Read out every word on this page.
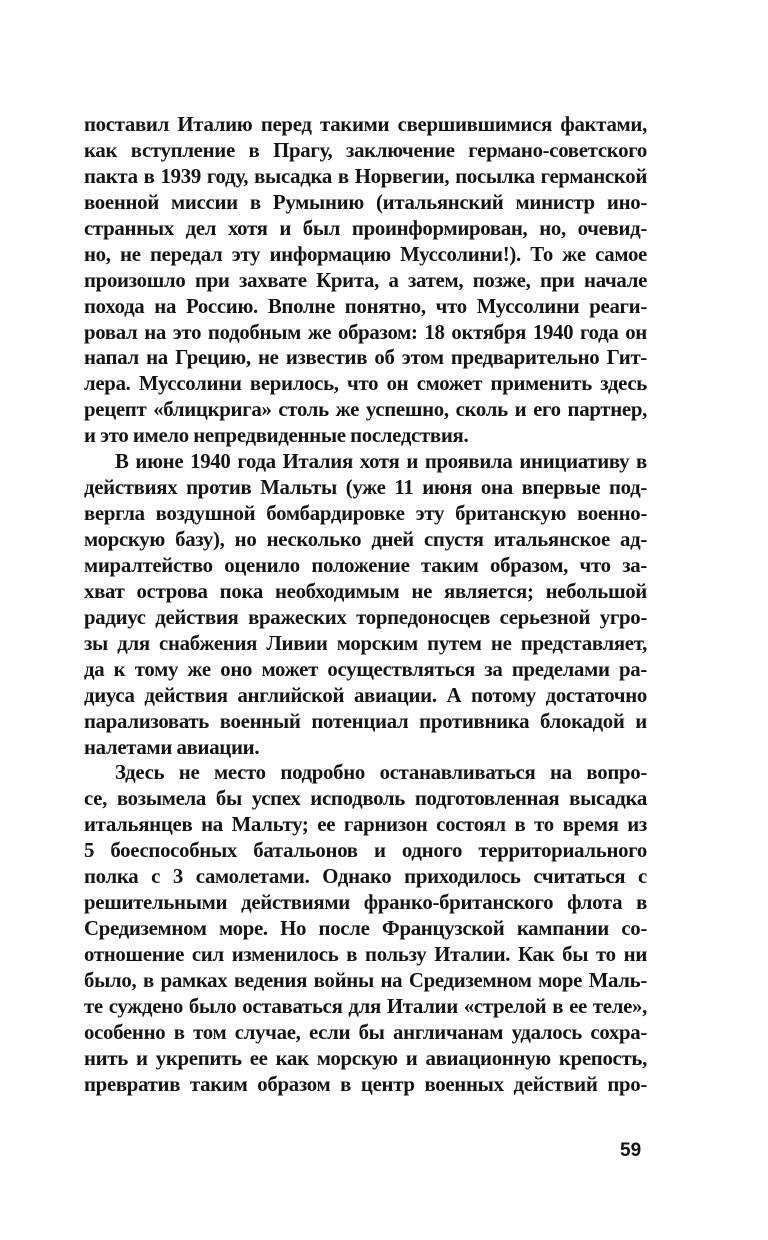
поставил Италию перед такими свершившимися фактами,
как вступление в Прагу, заключение германо-советского
пакта в 1939 году, высадка в Норвегии, посылка германской
военной миссии в Румынию (итальянский министр ино-
странных дел хотя и был проинформирован, но, очевид-
но, не передал эту информацию Муссолини!). То же самое
произошло при захвате Крита, а затем, позже, при начале
похода на Россию. Вполне понятно, что Муссолини реаги-
ровал на это подобным же образом: 18 октября 1940 года он
напал на Грецию, не известив об этом предварительно Гит-
лера. Муссолини верилось, что он сможет применить здесь
рецепт «блицкрига» столь же успешно, сколь и его партнер,
и это имело непредвиденные последствия.
В июне 1940 года Италия хотя и проявила инициативу в
действиях против Мальты (уже 11 июня она впервые под-
вергла воздушной бомбардировке эту британскую военно-
морскую базу), но несколько дней спустя итальянское ад-
миралтейство оценило положение таким образом, что за-
хват острова пока необходимым не является; небольшой
радиус действия вражеских торпедоносцев серьезной угро-
зы для снабжения Ливии морским путем не представляет,
да к тому же оно может осуществляться за пределами ра-
диуса действия английской авиации. А потому достаточно
парализовать военный потенциал противника блокадой и
налетами авиации.
Здесь не место подробно останавливаться на вопро-
се, возымела бы успех исподволь подготовленная высадка
итальянцев на Мальту; ее гарнизон состоял в то время из
5 боеспособных батальонов и одного территориального
полка с 3 самолетами. Однако приходилось считаться с
решительными действиями франко-британского флота в
Средиземном море. Но после Французской кампании со-
отношение сил изменилось в пользу Италии. Как бы то ни
было, в рамках ведения войны на Средиземном море Маль-
те суждено было оставаться для Италии «стрелой в ее теле»,
особенно в том случае, если бы англичанам удалось сохра-
нить и укрепить ее как морскую и авиационную крепость,
превратив таким образом в центр военных действий про-
59
